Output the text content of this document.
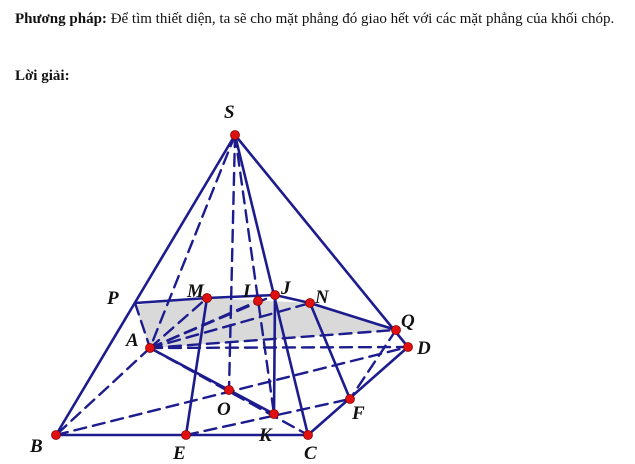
Phương pháp: Để tìm thiết diện, ta sẽ cho mặt phẳng đó giao hết với các mặt phẳng của khối chóp.
Lời giải:
S
P	M I J N
Q
A	D
O	F
B	E
K
C
